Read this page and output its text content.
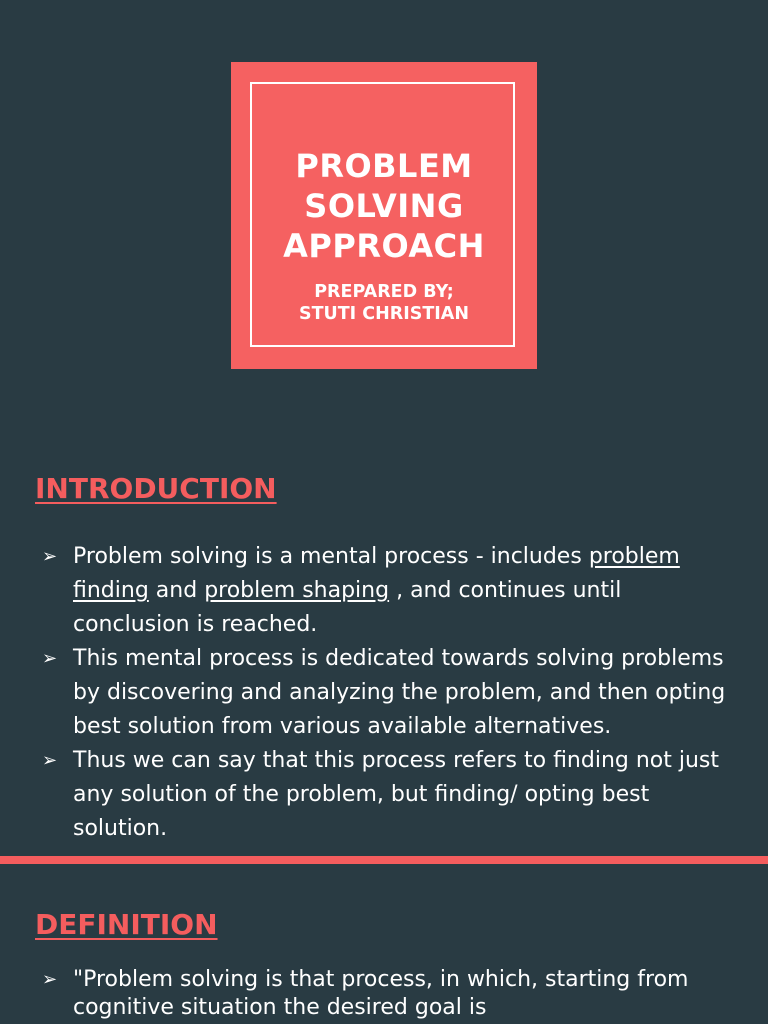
PROBLEM
SOLVING
APPROACH
PREPARED BY;
STUTI CHRISTIAN
INTRODUCTION
➢ Problem solving is a mental process - includes problem finding and problem shaping , and continues until conclusion is reached.
➢ This mental process is dedicated towards solving problems by discovering and analyzing the problem, and then opting best solution from various available alternatives.
➢ Thus we can say that this process refers to finding not just any solution of the problem, but finding/ opting best solution.
DEFINITION
➢ "Problem solving is that process, in which, starting from cognitive situation the desired goal is
